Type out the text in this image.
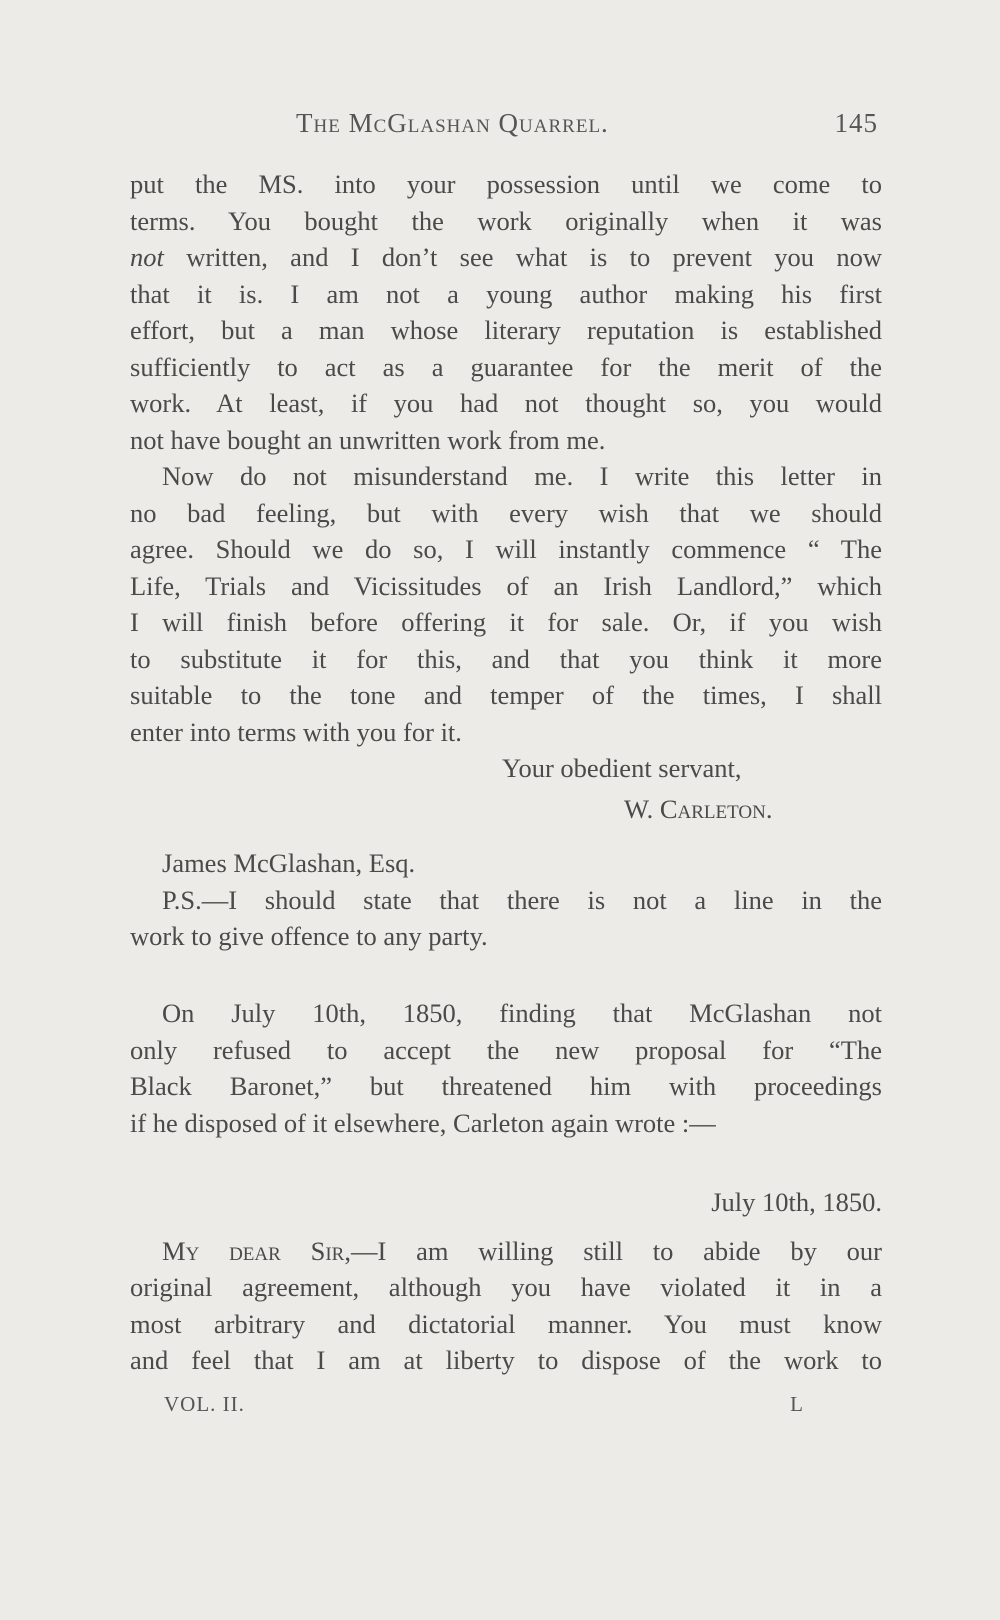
The McGlashan Quarrel.	145
put the MS. into your possession until we come to
terms. You bought the work originally when it was
not written, and I don’t see what is to prevent you now
that it is. I am not a young author making his first
effort, but a man whose literary reputation is established
sufficiently to act as a guarantee for the merit of the
work. At least, if you had not thought so, you would
not have bought an unwritten work from me.
Now do not misunderstand me. I write this letter in
no bad feeling, but with every wish that we should
agree. Should we do so, I will instantly commence “ The
Life, Trials and Vicissitudes of an Irish Landlord,” which
I will finish before offering it for sale. Or, if you wish
to substitute it for this, and that you think it more
suitable to the tone and temper of the times, I shall
enter into terms with you for it.
Your obedient servant,
W. Carleton.
James McGlashan, Esq.
P.S.—I should state that there is not a line in the
work to give offence to any party.
On July 10th, 1850, finding that McGlashan not
only refused to accept the new proposal for “The
Black Baronet,” but threatened him with proceedings
if he disposed of it elsewhere, Carleton again wrote :—
July 10th, 1850.
My dear Sir,—I am willing still to abide by our
original agreement, although you have violated it in a
most arbitrary and dictatorial manner. You must know
and feel that I am at liberty to dispose of the work to
VOL. II.	L
